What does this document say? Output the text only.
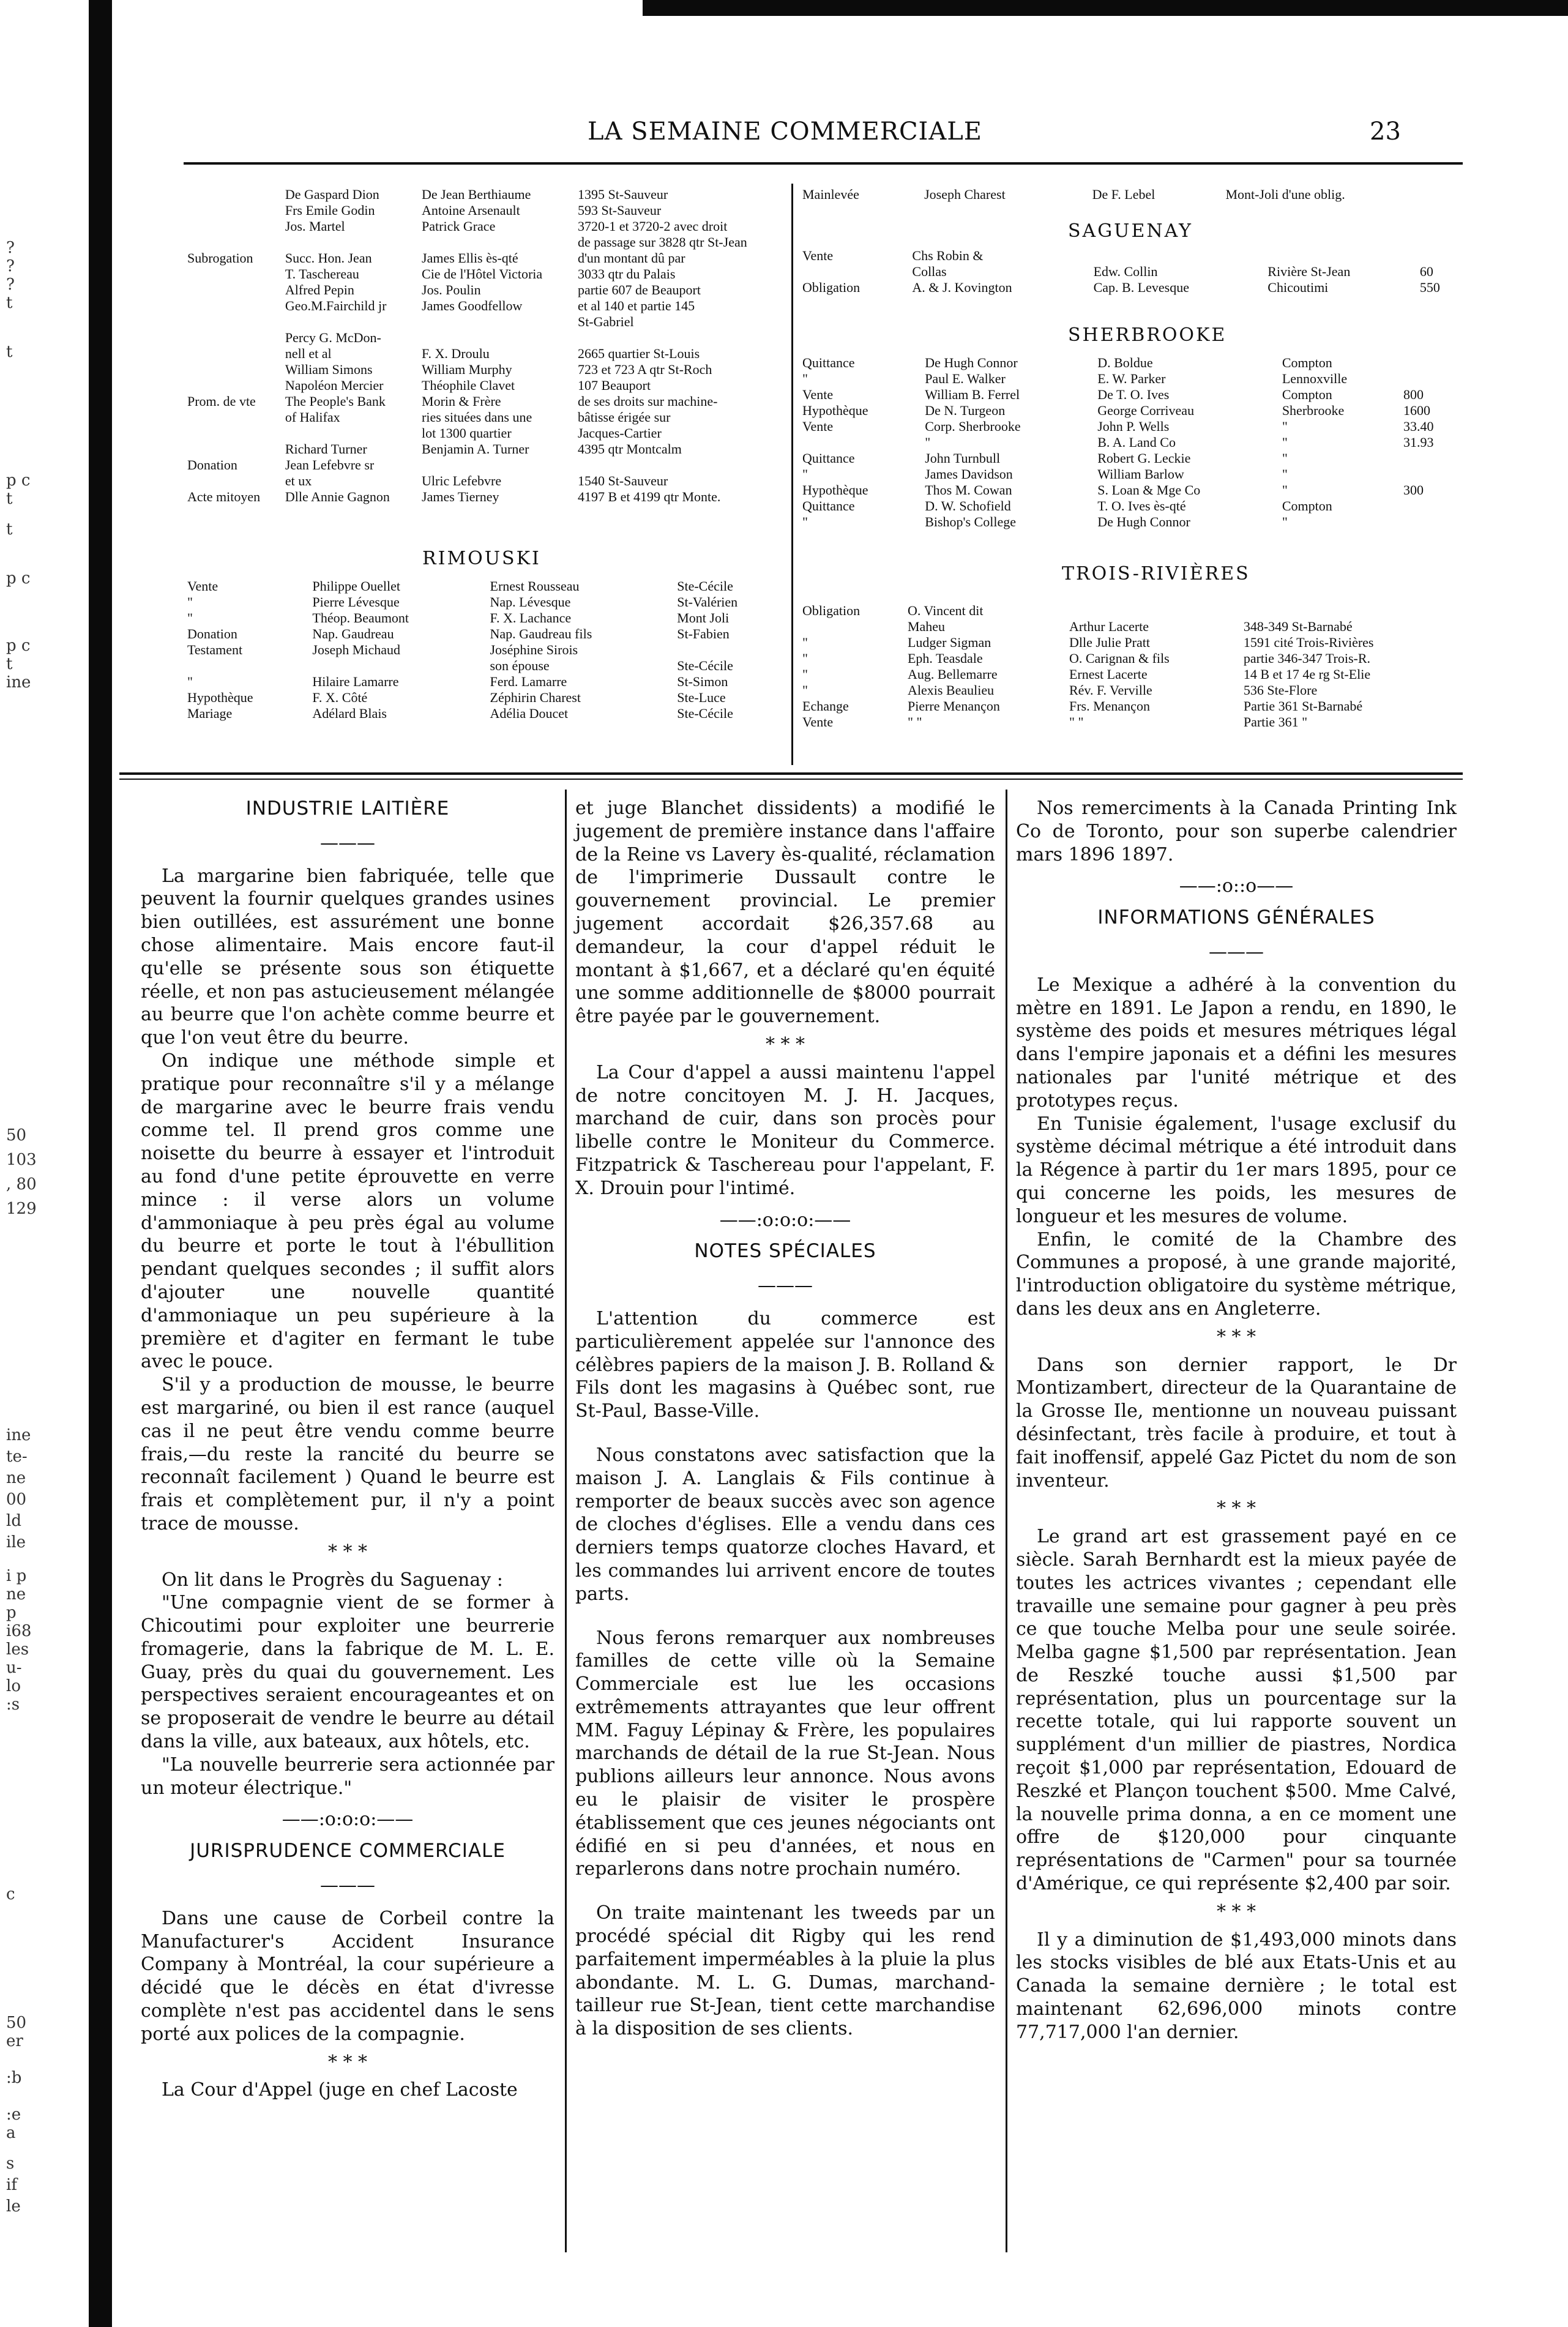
?
?
?
t
t
p c
t
t
p c
p c
t
ine
50
103
, 80
129
ine
te-
ne
00
ld
ile
i p
ne
p
i68
les
u-
lo
:s
c
50
er
:b
:e
a
s
if
le
LA SEMAINE COMMERCIALE	23
	De Gaspard Dion	De Jean Berthiaume	1395 St-Sauveur
	Frs Emile Godin	Antoine Arsenault	593 St-Sauveur
	Jos. Martel	Patrick Grace	3720-1 et 3720-2 avec droit
			de passage sur 3828 qtr St-Jean
Subrogation	Succ. Hon. Jean	James Ellis ès-qté	d'un montant dû par
	T. Taschereau	Cie de l'Hôtel Victoria	3033 qtr du Palais
	Alfred Pepin	Jos. Poulin	partie 607 de Beauport
	Geo.M.Fairchild jr	James Goodfellow	et al 140 et partie 145
			St-Gabriel
	Percy G. McDon-		
	nell et al	F. X. Droulu	2665 quartier St-Louis
	William Simons	William Murphy	723 et 723 A qtr St-Roch
	Napoléon Mercier	Théophile Clavet	107 Beauport
Prom. de vte	The People's Bank	Morin & Frère	de ses droits sur machine-
	of Halifax	ries situées dans une	bâtisse érigée sur
		lot 1300 quartier	Jacques-Cartier
	Richard Turner	Benjamin A. Turner	4395 qtr Montcalm
Donation	Jean Lefebvre sr		
	et ux	Ulric Lefebvre	1540 St-Sauveur
Acte mitoyen	Dlle Annie Gagnon	James Tierney	4197 B et 4199 qtr Monte.
RIMOUSKI
Vente	Philippe Ouellet	Ernest Rousseau	Ste-Cécile
"	Pierre Lévesque	Nap. Lévesque	St-Valérien
"	Théop. Beaumont	F. X. Lachance	Mont Joli
Donation	Nap. Gaudreau	Nap. Gaudreau fils	St-Fabien
Testament	Joseph Michaud	Joséphine Sirois	
		son épouse	Ste-Cécile
"	Hilaire Lamarre	Ferd. Lamarre	St-Simon
Hypothèque	F. X. Côté	Zéphirin Charest	Ste-Luce
Mariage	Adélard Blais	Adélia Doucet	Ste-Cécile
Mainlevée	Joseph Charest	De F. Lebel	Mont-Joli d'une oblig.
SAGUENAY
Vente	Chs Robin &			
	Collas	Edw. Collin	Rivière St-Jean	60
Obligation	A. & J. Kovington	Cap. B. Levesque	Chicoutimi	550
SHERBROOKE
Quittance	De Hugh Connor	D. Boldue	Compton	
"	Paul E. Walker	E. W. Parker	Lennoxville	
Vente	William B. Ferrel	De T. O. Ives	Compton	800
Hypothèque	De N. Turgeon	George Corriveau	Sherbrooke	1600
Vente	Corp. Sherbrooke	John P. Wells	"	33.40
	"	B. A. Land Co	"	31.93
Quittance	John Turnbull	Robert G. Leckie	"	
"	James Davidson	William Barlow	"	
Hypothèque	Thos M. Cowan	S. Loan & Mge Co	"	300
Quittance	D. W. Schofield	T. O. Ives ès-qté	Compton	
"	Bishop's College	De Hugh Connor	"	
TROIS-RIVIÈRES
Obligation	O. Vincent dit		
	Maheu	Arthur Lacerte	348-349 St-Barnabé
"	Ludger Sigman	Dlle Julie Pratt	1591 cité Trois-Rivières
"	Eph. Teasdale	O. Carignan & fils	partie 346-347 Trois-R.
"	Aug. Bellemarre	Ernest Lacerte	14 B et 17 4e rg St-Elie
"	Alexis Beaulieu	Rév. F. Verville	536 Ste-Flore
Echange	Pierre Menançon	Frs. Menançon	Partie 361 St-Barnabé
Vente	" "	" "	Partie 361 "
INDUSTRIE LAITIÈRE
———

La margarine bien fabriquée, telle que peuvent la fournir quelques grandes usines bien outillées, est assurément une bonne chose alimentaire. Mais encore faut-il qu'elle se présente sous son étiquette réelle, et non pas astucieusement mélangée au beurre que l'on achète comme beurre et que l'on veut être du beurre.

On indique une méthode simple et pratique pour reconnaître s'il y a mélange de margarine avec le beurre frais vendu comme tel. Il prend gros comme une noisette du beurre à essayer et l'introduit au fond d'une petite éprouvette en verre mince : il verse alors un volume d'ammoniaque à peu près égal au volume du beurre et porte le tout à l'ébullition pendant quelques secondes ; il suffit alors d'ajouter une nouvelle quantité d'ammoniaque un peu supérieure à la première et d'agiter en fermant le tube avec le pouce.

S'il y a production de mousse, le beurre est margariné, ou bien il est rance (auquel cas il ne peut être vendu comme beurre frais,—du reste la rancité du beurre se reconnaît facilement ) Quand le beurre est frais et complètement pur, il n'y a point trace de mousse.

* * *

On lit dans le Progrès du Saguenay :

"Une compagnie vient de se former à Chicoutimi pour exploiter une beurrerie fromagerie, dans la fabrique de M. L. E. Guay, près du quai du gouvernement. Les perspectives seraient encourageantes et on se proposerait de vendre le beurre au détail dans la ville, aux bateaux, aux hôtels, etc.

"La nouvelle beurrerie sera actionnée par un moteur électrique."

——:o:o:o:——
JURISPRUDENCE COMMERCIALE
———

Dans une cause de Corbeil contre la Manufacturer's Accident Insurance Company à Montréal, la cour supérieure a décidé que le décès en état d'ivresse complète n'est pas accidentel dans le sens porté aux polices de la compagnie.

* * *

La Cour d'Appel (juge en chef Lacoste

et juge Blanchet dissidents) a modifié le jugement de première instance dans l'affaire de la Reine vs Lavery ès-qualité, réclamation de l'imprimerie Dussault contre le gouvernement provincial. Le premier jugement accordait $26,357.68 au demandeur, la cour d'appel réduit le montant à $1,667, et a déclaré qu'en équité une somme additionnelle de $8000 pourrait être payée par le gouvernement.

* * *

La Cour d'appel a aussi maintenu l'appel de notre concitoyen M. J. H. Jacques, marchand de cuir, dans son procès pour libelle contre le Moniteur du Commerce. Fitzpatrick & Taschereau pour l'appelant, F. X. Drouin pour l'intimé.

——:o:o:o:——
NOTES SPÉCIALES
———

L'attention du commerce est particulièrement appelée sur l'annonce des célèbres papiers de la maison J. B. Rolland & Fils dont les magasins à Québec sont, rue St-Paul, Basse-Ville.

Nous constatons avec satisfaction que la maison J. A. Langlais & Fils continue à remporter de beaux succès avec son agence de cloches d'églises. Elle a vendu dans ces derniers temps quatorze cloches Havard, et les commandes lui arrivent encore de toutes parts.

Nous ferons remarquer aux nombreuses familles de cette ville où la Semaine Commerciale est lue les occasions extrêmements attrayantes que leur offrent MM. Faguy Lépinay & Frère, les populaires marchands de détail de la rue St-Jean. Nous publions ailleurs leur annonce. Nous avons eu le plaisir de visiter le prospère établissement que ces jeunes négociants ont édifié en si peu d'années, et nous en reparlerons dans notre prochain numéro.

On traite maintenant les tweeds par un procédé spécial dit Rigby qui les rend parfaitement imperméables à la pluie la plus abondante. M. L. G. Dumas, marchand-tailleur rue St-Jean, tient cette marchandise à la disposition de ses clients.

Nos remerciments à la Canada Printing Ink Co de Toronto, pour son superbe calendrier mars 1896 1897.

——:o::o——
INFORMATIONS GÉNÉRALES
———

Le Mexique a adhéré à la convention du mètre en 1891. Le Japon a rendu, en 1890, le système des poids et mesures métriques légal dans l'empire japonais et a défini les mesures nationales par l'unité métrique et des prototypes reçus.

En Tunisie également, l'usage exclusif du système décimal métrique a été introduit dans la Régence à partir du 1er mars 1895, pour ce qui concerne les poids, les mesures de longueur et les mesures de volume.

Enfin, le comité de la Chambre des Communes a proposé, à une grande majorité, l'introduction obligatoire du système métrique, dans les deux ans en Angleterre.

* * *

Dans son dernier rapport, le Dr Montizambert, directeur de la Quarantaine de la Grosse Ile, mentionne un nouveau puissant désinfectant, très facile à produire, et tout à fait inoffensif, appelé Gaz Pictet du nom de son inventeur.

* * *

Le grand art est grassement payé en ce siècle. Sarah Bernhardt est la mieux payée de toutes les actrices vivantes ; cependant elle travaille une semaine pour gagner à peu près ce que touche Melba pour une seule soirée. Melba gagne $1,500 par représentation. Jean de Reszké touche aussi $1,500 par représentation, plus un pourcentage sur la recette totale, qui lui rapporte souvent un supplément d'un millier de piastres, Nordica reçoit $1,000 par représentation, Edouard de Reszké et Plançon touchent $500. Mme Calvé, la nouvelle prima donna, a en ce moment une offre de $120,000 pour cinquante représentations de "Carmen" pour sa tournée d'Amérique, ce qui représente $2,400 par soir.

* * *

Il y a diminution de $1,493,000 minots dans les stocks visibles de blé aux Etats-Unis et au Canada la semaine dernière ; le total est maintenant 62,696,000 minots contre 77,717,000 l'an dernier.
